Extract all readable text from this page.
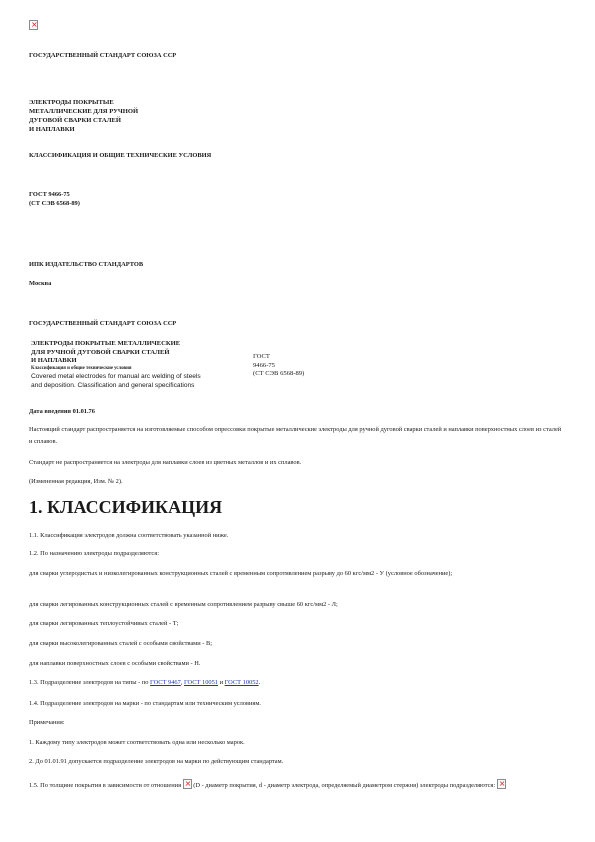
×

ГОСУДАРСТВЕННЫЙ СТАНДАРТ СОЮЗА ССР

ЭЛЕКТРОДЫ ПОКРЫТЫЕ
МЕТАЛЛИЧЕСКИЕ ДЛЯ РУЧНОЙ
ДУГОВОЙ СВАРКИ СТАЛЕЙ
И НАПЛАВКИ

КЛАССИФИКАЦИЯ И ОБЩИЕ ТЕХНИЧЕСКИЕ УСЛОВИЯ

ГОСТ 9466-75

(СТ СЭВ 6568-89)

ИПК ИЗДАТЕЛЬСТВО СТАНДАРТОВ

Москва

ГОСУДАРСТВЕННЫЙ СТАНДАРТ СОЮЗА ССР

ЭЛЕКТРОДЫ ПОКРЫТЫЕ МЕТАЛЛИЧЕСКИЕ
ДЛЯ РУЧНОЙ ДУГОВОЙ СВАРКИ СТАЛЕЙ
И НАПЛАВКИ
Классификация и общие технические условия
Covered metal electrodes for manual arc welding of steels
and deposition. Classification and general specifications
ГОСТ
9466-75
(СТ СЭВ 6568-89)

Дата введения 01.01.76

Настоящий стандарт распространяется на изготовляемые способом опрессовки покрытые металлические электроды для ручной дуговой сварки сталей и наплавки поверхностных слоев из сталей и сплавов.

Стандарт не распространяется на электроды для наплавки слоев из цветных металлов и их сплавов.

(Измененная редакция, Изм. № 2).

1. КЛАССИФИКАЦИЯ

1.1. Классификация электродов должна соответствовать указанной ниже.

1.2. По назначению электроды подразделяются:

для сварки углеродистых и низколегированных конструкционных сталей с временным сопротивлением разрыву до 60 кгс/мм2 - У (условное обозначение);

для сварки легированных конструкционных сталей с временным сопротивлением разрыву свыше 60 кгс/мм2 - Л;

для сварки легированных теплоустойчивых сталей - Т;

для сварки высоколегированных сталей с особыми свойствами - В;

для наплавки поверхностных слоев с особыми свойствами - Н.

1.3. Подразделение электродов на типы - по ГОСТ 9467, ГОСТ 10051 и ГОСТ 10052.

1.4. Подразделение электродов на марки - по стандартам или техническим условиям.

Примечания:

1. Каждому типу электродов может соответствовать одна или несколько марок.

2. До 01.01.91 допускается подразделение электродов на марки по действующим стандартам.

1.5. По толщине покрытия в зависимости от отношения × (D - диаметр покрытия, d - диаметр электрода, определяемый диаметром стержня) электроды подразделяются: ×
